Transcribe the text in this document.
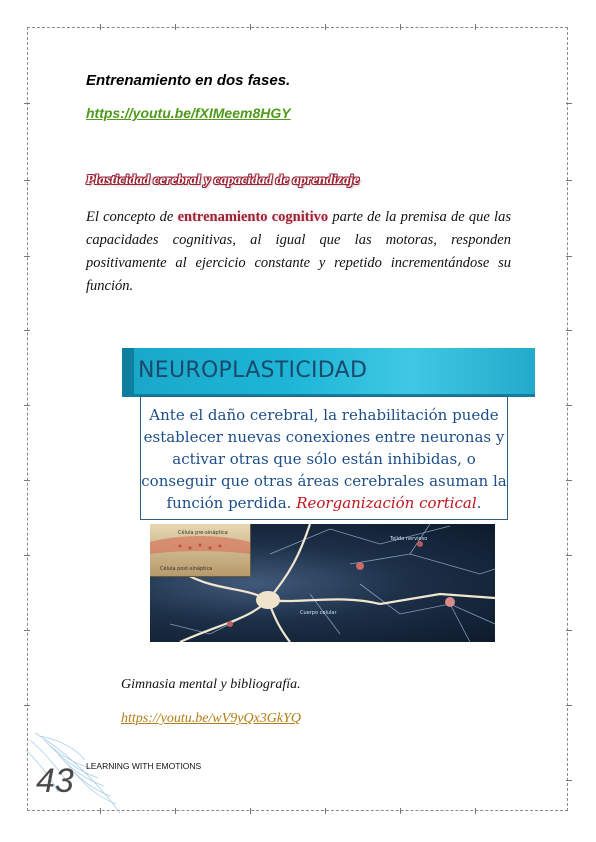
Entrenamiento en dos fases.
https://youtu.be/fXIMeem8HGY
Plasticidad cerebral y capacidad de aprendizaje

El concepto de entrenamiento cognitivo parte de la premisa de que las capacidades cognitivas, al igual que las motoras, responden positivamente al ejercicio constante y repetido incrementándose su función.

NEUROPLASTICIDAD
Ante el daño cerebral, la rehabilitación puede establecer nuevas conexiones entre neuronas y activar otras que sólo están inhibidas, o conseguir que otras áreas cerebrales asuman la función perdida. Reorganización cortical.
Célula pre-sináptica
Célula post-sináptica
Tejido nervioso
Cuerpo celular
Gimnasia mental y bibliografía.
https://youtu.be/wV9yQx3GkYQ
43 LEARNING WITH EMOTIONS
